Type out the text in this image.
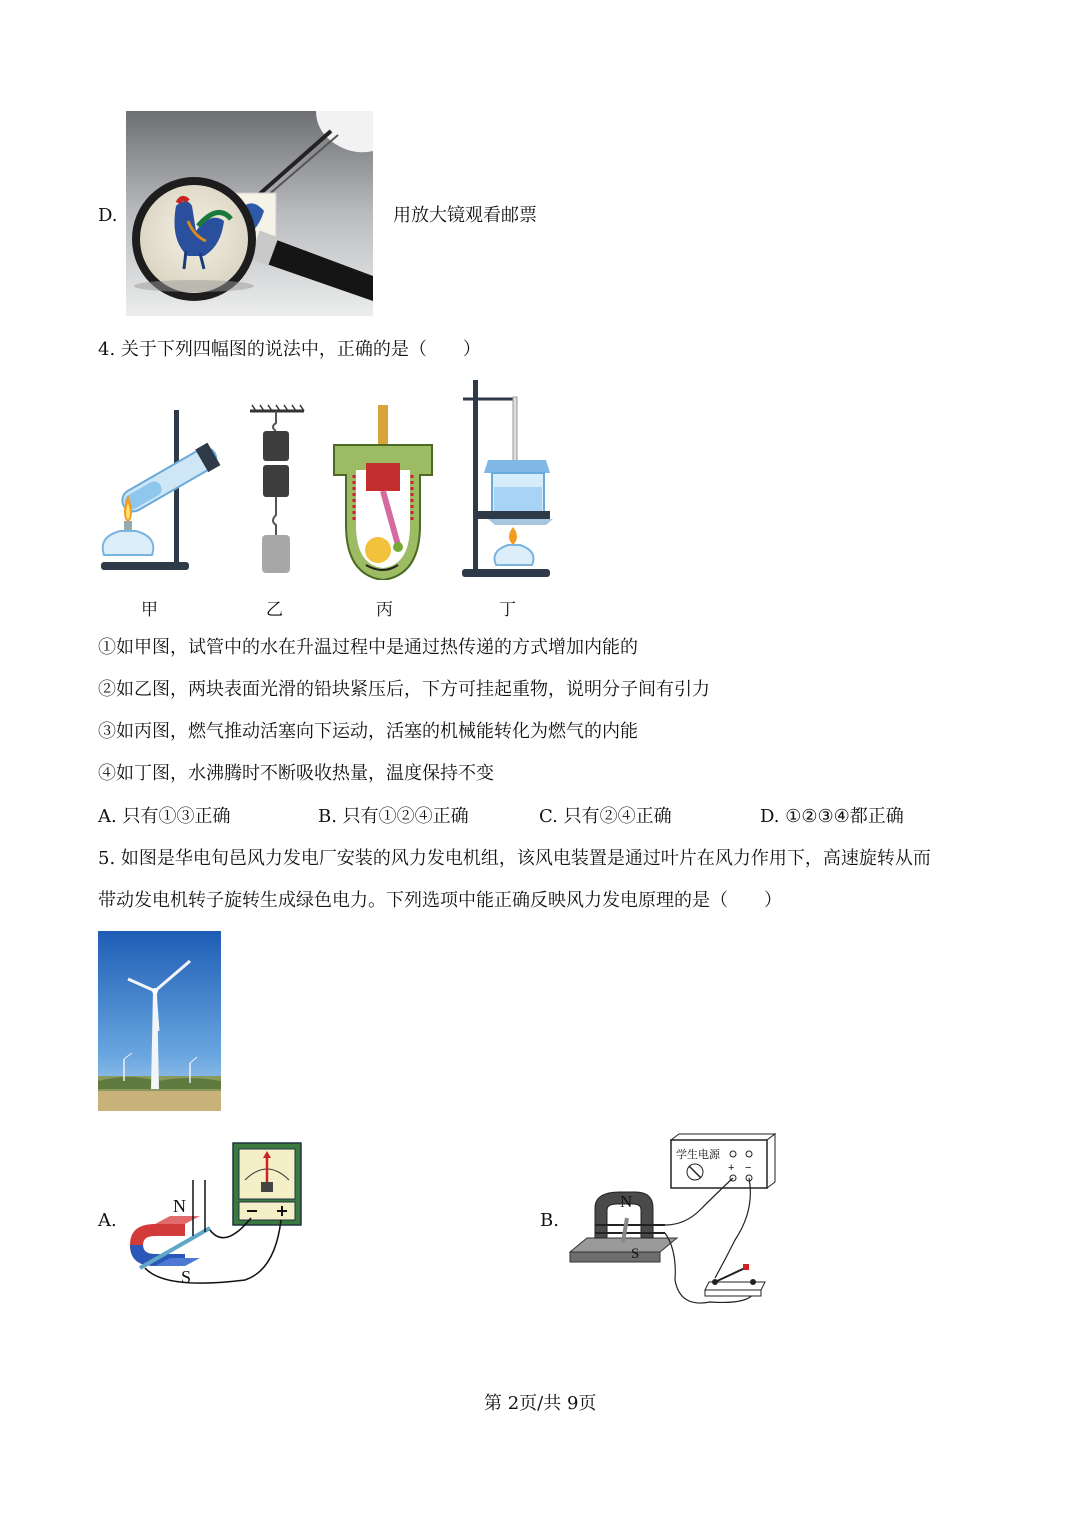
D.	用放大镜观看邮票
4. 关于下列四幅图的说法中，正确的是（　　）
甲	乙	丙	丁
①如甲图，试管中的水在升温过程中是通过热传递的方式增加内能的
②如乙图，两块表面光滑的铅块紧压后，下方可挂起重物，说明分子间有引力
③如丙图，燃气推动活塞向下运动，活塞的机械能转化为燃气的内能
④如丁图，水沸腾时不断吸收热量，温度保持不变
A. 只有①③正确	B. 只有①②④正确	C. 只有②④正确	D. ①②③④都正确
5. 如图是华电旬邑风力发电厂安装的风力发电机组，该风电装置是通过叶片在风力作用下，高速旋转从而
带动发电机转子旋转生成绿色电力。下列选项中能正确反映风力发电原理的是（　　）
A.
N
S
B.
学生电源
+ −
N
S
第 2页/共 9页
